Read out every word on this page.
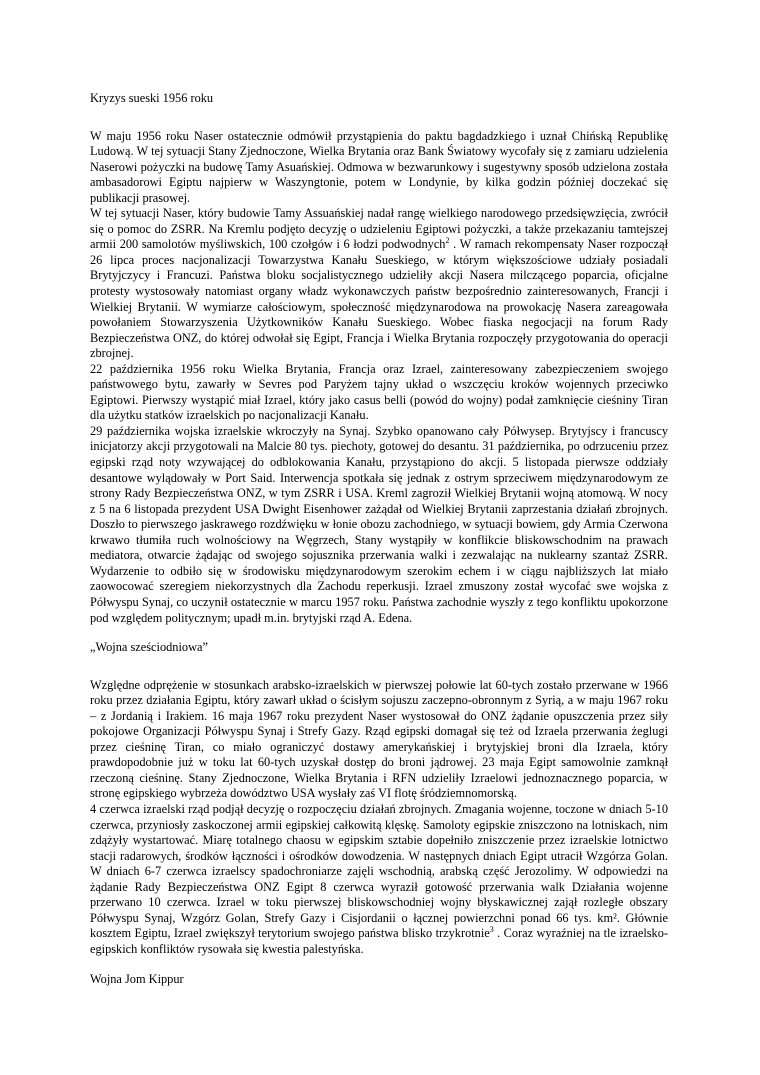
Kryzys sueski 1956 roku

W maju 1956 roku Naser ostatecznie odmówił przystąpienia do paktu bagdadzkiego i uznał Chińską Republikę Ludową. W tej sytuacji Stany Zjednoczone, Wielka Brytania oraz Bank Światowy wycofały się z zamiaru udzielenia Naserowi pożyczki na budowę Tamy Asuańskiej. Odmowa w bezwarunkowy i sugestywny sposób udzielona została ambasadorowi Egiptu najpierw w Waszyngtonie, potem w Londynie, by kilka godzin później doczekać się publikacji prasowej.

W tej sytuacji Naser, który budowie Tamy Assuańskiej nadał rangę wielkiego narodowego przedsięwzięcia, zwrócił się o pomoc do ZSRR. Na Kremlu podjęto decyzję o udzieleniu Egiptowi pożyczki, a także przekazaniu tamtejszej armii 200 samolotów myśliwskich, 100 czołgów i 6 łodzi podwodnych$^2$ . W ramach rekompensaty Naser rozpoczął 26 lipca proces nacjonalizacji Towarzystwa Kanału Sueskiego, w którym większościowe udziały posiadali Brytyjczycy i Francuzi. Państwa bloku socjalistycznego udzieliły akcji Nasera milczącego poparcia, oficjalne protesty wystosowały natomiast organy władz wykonawczych państw bezpośrednio zainteresowanych, Francji i Wielkiej Brytanii. W wymiarze całościowym, społeczność międzynarodowa na prowokację Nasera zareagowała powołaniem Stowarzyszenia Użytkowników Kanału Sueskiego. Wobec fiaska negocjacji na forum Rady Bezpieczeństwa ONZ, do której odwołał się Egipt, Francja i Wielka Brytania rozpoczęły przygotowania do operacji zbrojnej.

22 października 1956 roku Wielka Brytania, Francja oraz Izrael, zainteresowany zabezpieczeniem swojego państwowego bytu, zawarły w Sevres pod Paryżem tajny układ o wszczęciu kroków wojennych przeciwko Egiptowi. Pierwszy wystąpić miał Izrael, który jako casus belli (powód do wojny) podał zamknięcie cieśniny Tiran dla użytku statków izraelskich po nacjonalizacji Kanału.

29 października wojska izraelskie wkroczyły na Synaj. Szybko opanowano cały Półwysep. Brytyjscy i francuscy inicjatorzy akcji przygotowali na Malcie 80 tys. piechoty, gotowej do desantu. 31 października, po odrzuceniu przez egipski rząd noty wzywającej do odblokowania Kanału, przystąpiono do akcji. 5 listopada pierwsze oddziały desantowe wylądowały w Port Said. Interwencja spotkała się jednak z ostrym sprzeciwem międzynarodowym ze strony Rady Bezpieczeństwa ONZ, w tym ZSRR i USA. Kreml zagroził Wielkiej Brytanii wojną atomową. W nocy z 5 na 6 listopada prezydent USA Dwight Eisenhower zażądał od Wielkiej Brytanii zaprzestania działań zbrojnych. Doszło to pierwszego jaskrawego rozdźwięku w łonie obozu zachodniego, w sytuacji bowiem, gdy Armia Czerwona krwawo tłumiła ruch wolnościowy na Węgrzech, Stany wystąpiły w konflikcie bliskowschodnim na prawach mediatora, otwarcie żądając od swojego sojusznika przerwania walki i zezwalając na nuklearny szantaż ZSRR. Wydarzenie to odbiło się w środowisku międzynarodowym szerokim echem i w ciągu najbliższych lat miało zaowocować szeregiem niekorzystnych dla Zachodu reperkusji. Izrael zmuszony został wycofać swe wojska z Półwyspu Synaj, co uczynił ostatecznie w marcu 1957 roku. Państwa zachodnie wyszły z tego konfliktu upokorzone pod względem politycznym; upadł m.in. brytyjski rząd A. Edena.

„Wojna sześciodniowa”

Względne odprężenie w stosunkach arabsko-izraelskich w pierwszej połowie lat 60-tych zostało przerwane w 1966 roku przez działania Egiptu, który zawarł układ o ścisłym sojuszu zaczepno-obronnym z Syrią, a w maju 1967 roku – z Jordanią i Irakiem. 16 maja 1967 roku prezydent Naser wystosował do ONZ żądanie opuszczenia przez siły pokojowe Organizacji Półwyspu Synaj i Strefy Gazy. Rząd egipski domagał się też od Izraela przerwania żeglugi przez cieśninę Tiran, co miało ograniczyć dostawy amerykańskiej i brytyjskiej broni dla Izraela, który prawdopodobnie już w toku lat 60-tych uzyskał dostęp do broni jądrowej. 23 maja Egipt samowolnie zamknął rzeczoną cieśninę. Stany Zjednoczone, Wielka Brytania i RFN udzieliły Izraelowi jednoznacznego poparcia, w stronę egipskiego wybrzeża dowództwo USA wysłały zaś VI flotę śródziemnomorską.

4 czerwca izraelski rząd podjął decyzję o rozpoczęciu działań zbrojnych. Zmagania wojenne, toczone w dniach 5-10 czerwca, przyniosły zaskoczonej armii egipskiej całkowitą klęskę. Samoloty egipskie zniszczono na lotniskach, nim zdążyły wystartować. Miarę totalnego chaosu w egipskim sztabie dopełniło zniszczenie przez izraelskie lotnictwo stacji radarowych, środków łączności i ośrodków dowodzenia. W następnych dniach Egipt utracił Wzgórza Golan. W dniach 6-7 czerwca izraelscy spadochroniarze zajęli wschodnią, arabską część Jerozolimy. W odpowiedzi na żądanie Rady Bezpieczeństwa ONZ Egipt 8 czerwca wyraził gotowość przerwania walk Działania wojenne przerwano 10 czerwca. Izrael w toku pierwszej bliskowschodniej wojny błyskawicznej zajął rozległe obszary Półwyspu Synaj, Wzgórz Golan, Strefy Gazy i Cisjordanii o łącznej powierzchni ponad 66 tys. km². Głównie kosztem Egiptu, Izrael zwiększył terytorium swojego państwa blisko trzykrotnie$^3$ . Coraz wyraźniej na tle izraelsko-egipskich konfliktów rysowała się kwestia palestyńska.

Wojna Jom Kippur
